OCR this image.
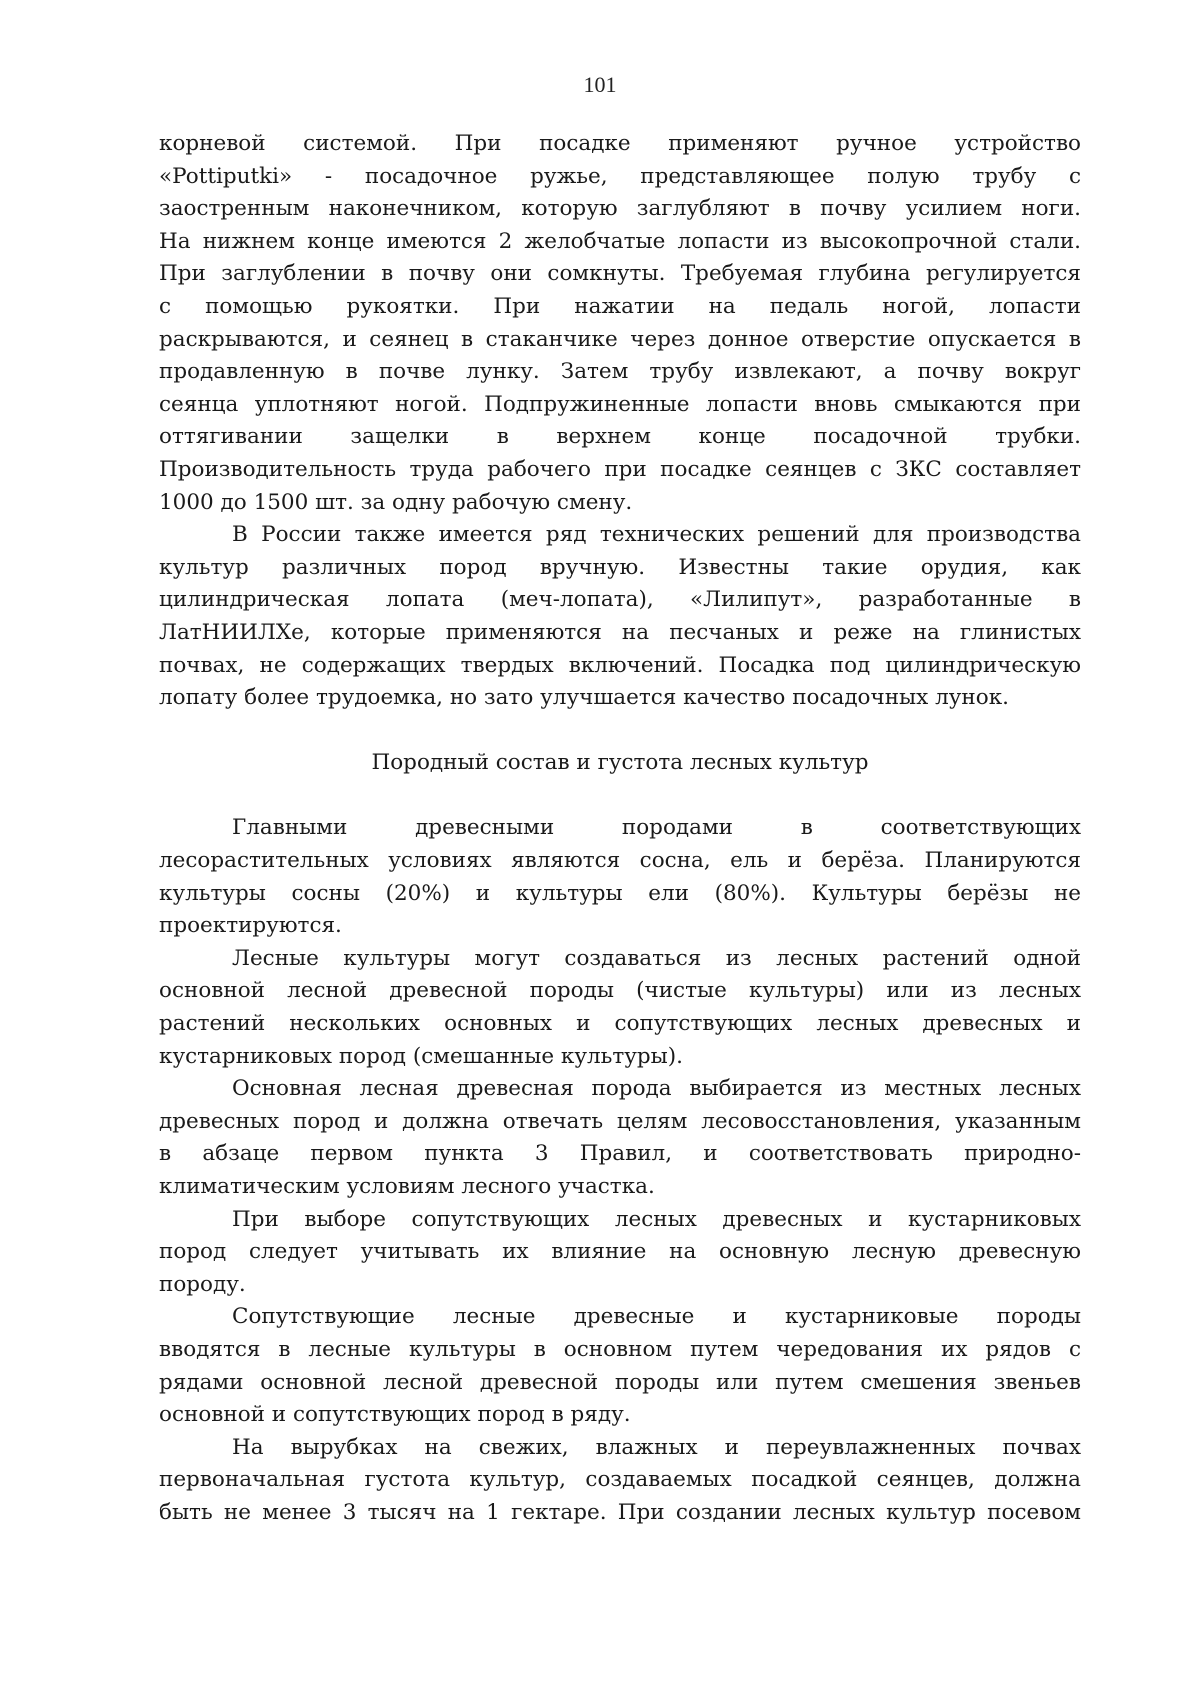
101
корневой системой. При посадке применяют ручное устройство
«Pottiputki» - посадочное ружье, представляющее полую трубу с
заостренным наконечником, которую заглубляют в почву усилием ноги.
На нижнем конце имеются 2 желобчатые лопасти из высокопрочной стали.
При заглублении в почву они сомкнуты. Требуемая глубина регулируется
с помощью рукоятки. При нажатии на педаль ногой, лопасти
раскрываются, и сеянец в стаканчике через донное отверстие опускается в
продавленную в почве лунку. Затем трубу извлекают, а почву вокруг
сеянца уплотняют ногой. Подпружиненные лопасти вновь смыкаются при
оттягивании защелки в верхнем конце посадочной трубки.
Производительность труда рабочего при посадке сеянцев с ЗКС составляет
1000 до 1500 шт. за одну рабочую смену.
В России также имеется ряд технических решений для производства
культур различных пород вручную. Известны такие орудия, как
цилиндрическая лопата (меч-лопата), «Лилипут», разработанные в
ЛатНИИЛХе, которые применяются на песчаных и реже на глинистых
почвах, не содержащих твердых включений. Посадка под цилиндрическую
лопату более трудоемка, но зато улучшается качество посадочных лунок.
Породный состав и густота лесных культур
Главными древесными породами в соответствующих
лесорастительных условиях являются сосна, ель и берёза. Планируются
культуры сосны (20%) и культуры ели (80%). Культуры берёзы не
проектируются.
Лесные культуры могут создаваться из лесных растений одной
основной лесной древесной породы (чистые культуры) или из лесных
растений нескольких основных и сопутствующих лесных древесных и
кустарниковых пород (смешанные культуры).
Основная лесная древесная порода выбирается из местных лесных
древесных пород и должна отвечать целям лесовосстановления, указанным
в абзаце первом пункта 3 Правил, и соответствовать природно-
климатическим условиям лесного участка.
При выборе сопутствующих лесных древесных и кустарниковых
пород следует учитывать их влияние на основную лесную древесную
породу.
Сопутствующие лесные древесные и кустарниковые породы
вводятся в лесные культуры в основном путем чередования их рядов с
рядами основной лесной древесной породы или путем смешения звеньев
основной и сопутствующих пород в ряду.
На вырубках на свежих, влажных и переувлажненных почвах
первоначальная густота культур, создаваемых посадкой сеянцев, должна
быть не менее 3 тысяч на 1 гектаре. При создании лесных культур посевом
